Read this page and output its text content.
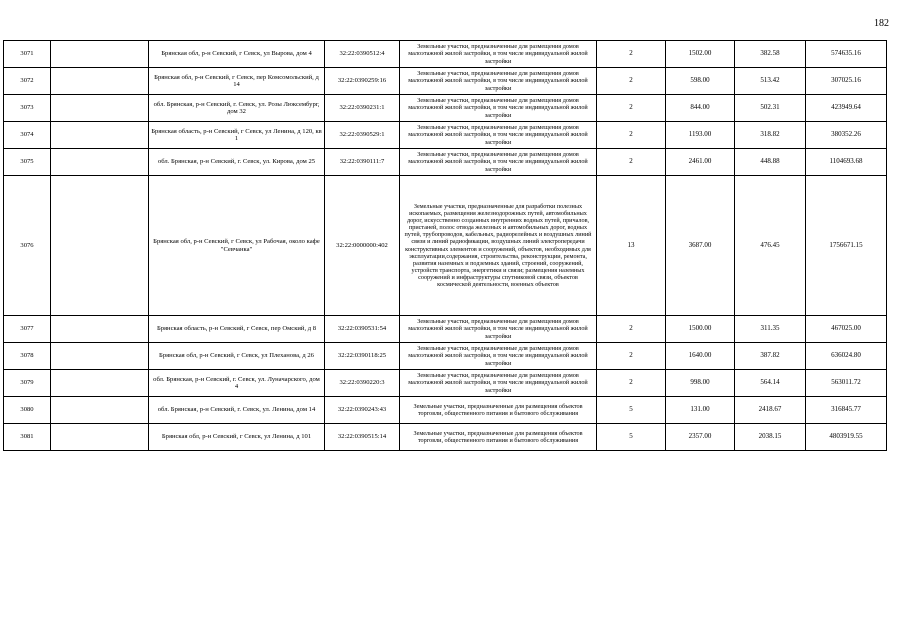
182
3071		Брянская обл, р-н Севский, г Севск, ул Вырова, дом 4	32:22:0390512:4	Земельные участки, предназначенные для размещения домов малоэтажной жилой застройки, в том числе индивидуальной жилой застройки	2	1502.00	382.58	574635.16
3072		Брянская обл, р-н Севский, г Севск, пер Комсомольский, д 14	32:22:0390259:16	Земельные участки, предназначенные для размещения домов малоэтажной жилой застройки, в том числе индивидуальной жилой застройки	2	598.00	513.42	307025.16
3073		обл. Брянская, р-н Севский, г. Севск, ул. Розы Люксембург, дом 32	32:22:0390231:1	Земельные участки, предназначенные для размещения домов малоэтажной жилой застройки, в том числе индивидуальной жилой застройки	2	844.00	502.31	423949.64
3074		Брянская область, р-н Севский, г Севск, ул Ленина, д 120, кв 1	32:22:0390529:1	Земельные участки, предназначенные для размещения домов малоэтажной жилой застройки, в том числе индивидуальной жилой застройки	2	1193.00	318.82	380352.26
3075		обл. Брянская, р-н Севский, г. Севск, ул. Кирова, дом 25	32:22:0390111:7	Земельные участки, предназначенные для размещения домов малоэтажной жилой застройки, в том числе индивидуальной жилой застройки	2	2461.00	448.88	1104693.68
3076		Брянская обл, р-н Севский, г Севск, ул Рабочая, около кафе "Севчанка"	32:22:0000000:402	Земельные участки, предназначенные для разработки полезных ископаемых, размещения железнодорожных путей, автомобильных дорог, искусственно созданных внутренних водных путей, причалов, пристаней, полос отвода железных и автомобильных дорог, водных путей, трубопроводов, кабельных, радиорелейных и воздушных линий связи и линий радиофикации, воздушных линий электропередачи конструктивных элементов и сооружений, объектов, необходимых для эксплуатации,содержания, строительства, реконструкции, ремонта, развития наземных и подземных зданий, строений, сооружений, устройств транспорта, энергетики и связи; размещения наземных сооружений и инфраструктуры спутниковой связи, объектов космической деятельности, военных объектов	13	3687.00	476.45	1756671.15
3077		Брянская область, р-н Севский, г Севск, пер Омский, д 8	32:22:0390531:54	Земельные участки, предназначенные для размещения домов малоэтажной жилой застройки, в том числе индивидуальной жилой застройки	2	1500.00	311.35	467025.00
3078		Брянская обл, р-н Севский, г Севск, ул Плеханова, д 26	32:22:0390118:25	Земельные участки, предназначенные для размещения домов малоэтажной жилой застройки, в том числе индивидуальной жилой застройки	2	1640.00	387.82	636024.80
3079		обл. Брянская, р-н Севский, г. Севск, ул. Луначарского, дом 4	32:22:0390220:3	Земельные участки, предназначенные для размещения домов малоэтажной жилой застройки, в том числе индивидуальной жилой застройки	2	998.00	564.14	563011.72
3080		обл. Брянская, р-н Севский, г. Севск, ул. Ленина, дом 14	32:22:0390243:43	Земельные участки, предназначенные для размещения объектов торговли, общественного питания и бытового обслуживания	5	131.00	2418.67	316845.77
3081		Брянская обл, р-н Севский, г Севск, ул Ленина, д 101	32:22:0390515:14	Земельные участки, предназначенные для размещения объектов торговли, общественного питания и бытового обслуживания	5	2357.00	2038.15	4803919.55
